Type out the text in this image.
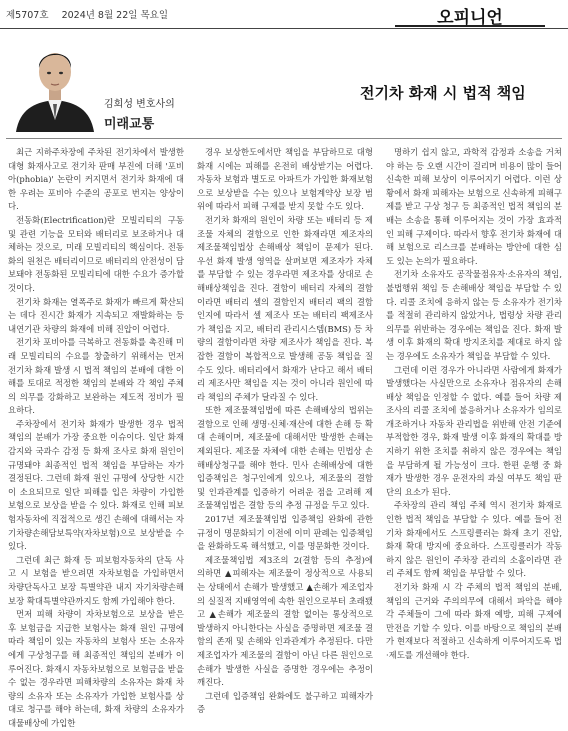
제5707호 2024년 8월 22일 목요일	오피니언
김희성 변호사의
미래교통
전기차 화재 시 법적 책임

최근 지하주차장에 주차된 전기차에서 발생한 대형 화재사고로 전기차 판매 부진에 더해 '포비아(phobia)' 논란이 커지면서 전기차 화재에 대한 우려는 포비아 수준의 공포로 번지는 양상이다.

전동화(Electrification)란 모빌리티의 구동 및 관련 기능을 모터와 배터리로 보조하거나 대체하는 것으로, 미래 모빌리티의 핵심이다. 전동화의 원천은 배터리이므로 배터리의 안전성이 담보돼야 전동화된 모빌리티에 대한 수요가 증가할 것이다.

전기차 화재는 열폭주로 화재가 빠르게 확산되는 데다 진시간 화재가 지속되고 재발화하는 등 내연기관 차량의 화재에 비해 진압이 어렵다.

전기차 포비아를 극복하고 전동화를 촉진해 미래 모빌리티의 수요를 창출하기 위해서는 먼저 전기차 화재 발생 시 법적 책임의 분배에 대한 이해를 토대로 적정한 책임의 분배와 각 책임 주체의 의무를 강화하고 보완하는 제도적 정비가 필요하다.

주차장에서 전기차 화재가 발생한 경우 법적 책임의 분배가 가장 중요한 이슈이다. 일단 화재 감지와 국과수 감정 등 화재 조사로 화재 원인이 규명돼야 최종적인 법적 책임을 부담하는 자가 결정된다. 그런데 화재 원인 규명에 상당한 시간이 소요되므로 일단 피해를 입은 차량이 가입한 보험으로 보상을 받을 수 있다. 화재로 인해 피보험자동차에 직접적으로 생긴 손해에 대해서는 자기차량손해담보특약(자차보험)으로 보상받을 수 있다.

그런데 최근 화재 등 피보험자동차의 단독 사고 시 보험을 받으려면 자차보험을 가입하면서 차량단독사고 보장 특별약관 내지 자기차량손해보장 확대특별약관까지도 함께 가입해야 한다.

먼저 피해 차량이 자차보험으로 보상을 받은 후 보험금을 지급한 보험사는 화재 원인 규명에 따라 책임이 있는 자동차의 보험사 또는 소유자에게 구상청구를 해 최종적인 책임의 분배가 이루어진다. 화재시 자동차보험으로 보험금을 받을 수 없는 경우라면 피해차량의 소유자는 화재 차량의 소유자 또는 소유자가 가입한 보험사를 상대로 청구를 해야 하는데, 화재 차량의 소유자가 대물배상에 가입한

경우 보상한도에서만 책임을 부담하므로 대형화재 시에는 피해를 온전히 배상받기는 어렵다. 자동차 보험과 별도로 아파트가 가입한 화재보험으로 보상받을 수는 있으나 보험계약상 보장 범위에 따라서 피해 구제를 받지 못할 수도 있다.

전기차 화재의 원인이 차량 또는 배터리 등 제조물 자체의 결함으로 인한 화재라면 제조자의 제조물책임법상 손해배상 책임이 문제가 된다. 우선 화재 발생 영역을 살펴보면 제조자가 자체를 부담할 수 있는 경우라면 제조자를 상대로 손해배상책임을 진다. 결함이 배터리 자체의 결함이라면 배터리 셀의 결함인지 배터리 팩의 결함인지에 따라서 셀 제조사 또는 배터리 팩제조사가 책임을 지고, 배터리 관리시스템(BMS) 등 차량의 결함이라면 차량 제조사가 책임을 진다. 복잡한 결함이 복합적으로 발생해 공동 책임을 질 수도 있다. 배터리에서 화재가 난다고 해서 배터리 제조사만 책임을 지는 것이 아니라 원인에 따라 책임의 주체가 달라질 수 있다.

또한 제조물책임법에 따른 손해배상의 법위는 결함으로 인해 생명·신체·재산에 대한 손해 등 확대 손해이며, 제조물에 대해서만 발생한 손해는 제외된다. 제조물 자체에 대한 손해는 민법상 손해배상청구를 해야 한다. 민사 손해배상에 대한 입증책임은 청구인에게 있으나, 제조물의 결함 및 인과관계를 입증하기 어려운 점을 고려해 제조물책임법은 결함 등의 추정 규정을 두고 있다.

2017년 제조물책임법 입증책임 완화에 관한 규정이 명문화되기 이전에 이미 판례는 입증책임을 완화하도록 해석했고, 이를 명문화한 것이다.

제조물책임법 제3조의 2(결함 등의 추정)에 의하면 ▲피해자는 제조물이 정상적으로 사용되는 상태에서 손해가 발생했고 ▲손해가 제조업자의 실질적 지배영역에 속한 원인으로부터 초래됐고 ▲손해가 제조물의 결함 없이는 통상적으로 발생하지 아니한다는 사실을 증명하면 제조물 결함의 존재 및 손해와 인과관계가 추정된다. 다만 제조업자가 제조물의 결함이 아닌 다른 원인으로 손해가 발생한 사실을 증명한 경우에는 추정이 깨진다.

그런데 입증책임 완화에도 불구하고 피해자가 증

명하기 쉽지 않고, 과학적 감정과 소송을 거쳐야 하는 등 오랜 시간이 걸리며 비용이 많이 들어 신속한 피해 보상이 이루어지기 어렵다. 이런 상황에서 화재 피해자는 보험으로 신속하게 피해구제를 받고 구상 청구 등 최종적인 법적 책임의 분배는 소송을 통해 이루어지는 것이 가장 효과적인 피해 구제이다. 따라서 향후 전기차 화재에 대해 보험으로 리스크를 분배하는 방안에 대한 심도 있는 논의가 필요하다.

전기차 소유자도 공작물점유자·소유자의 책임, 불법행위 책임 등 손해배상 책임을 부담할 수 있다. 리콜 조치에 응하지 않는 등 소유자가 전기차를 적절히 관리하지 않았거나, 법령상 차량 관리 의무를 위반하는 경우에는 책임을 진다. 화재 발생 이후 화재의 확대 방지조치를 제대로 하지 않는 경우에도 소유자가 책임을 부담할 수 있다.

그런데 이런 경우가 아니라면 사람에게 화재가 발생했다는 사실만으로 소유자나 점유자의 손해배상 책임을 인정할 수 없다. 예를 들어 차량 제조사의 리콜 조치에 불응하거나 소유자가 임의로 개조하거나 자동차 관리법을 위반해 안전 기준에 부적합한 경우, 화재 발생 이후 화재의 확대를 방지하기 위한 조치를 취하지 않은 경우에는 책임을 부담하게 될 가능성이 크다. 한편 운행 중 화재가 발생한 경우 운전자의 과실 여부도 책임 판단의 요소가 된다.

주차장의 관리 책임 주체 역시 전기차 화재로 인한 법적 책임을 부담할 수 있다. 예를 들어 전기차 화재에서도 스프링클러는 화재 초기 진압, 화재 확대 방지에 중요하다. 스프링클러가 작동하지 않은 원인이 주차장 관리의 소홀이라면 관리 주체도 함께 책임을 부담할 수 있다.

전기차 화재 시 각 주체의 법적 책임의 분배, 책임의 근거와 주의의무에 대해서 파악을 해야 각 주체들이 그에 따라 화재 예방, 피해 구제에 만전을 기할 수 있다. 이를 바탕으로 책임의 분배가 현재보다 적절하고 신속하게 이루어지도록 법·제도를 개선해야 한다.
